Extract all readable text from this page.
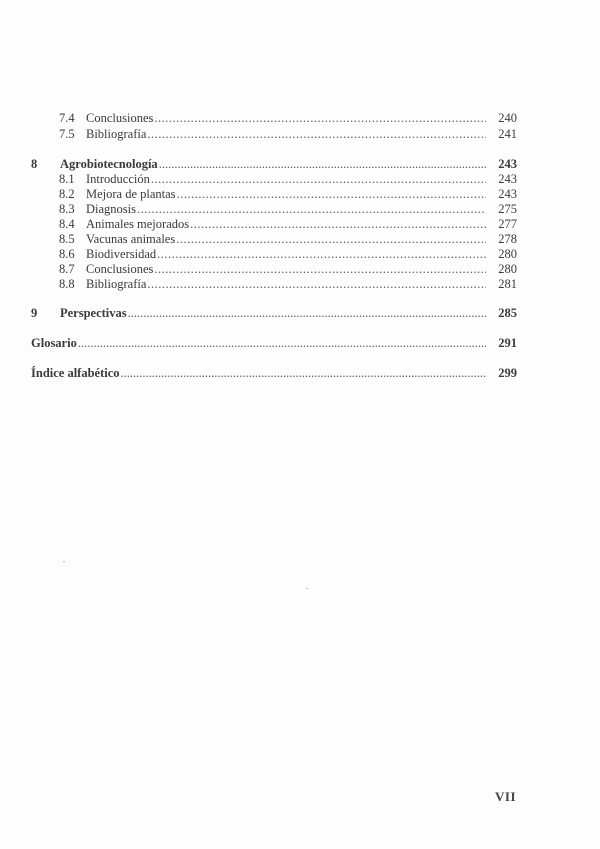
7.4 Conclusiones .....	240
7.5 Bibliografía .....	241
8	Agrobiotecnología .....	243
8.1 Introducción .....	243
8.2 Mejora de plantas .....	243
8.3 Diagnosis .....	275
8.4 Animales mejorados .....	277
8.5 Vacunas animales .....	278
8.6 Biodiversidad .....	280
8.7 Conclusiones .....	280
8.8 Bibliografía .....	281
9	Perspectivas .....	285
Glosario .....	291
Índice alfabético .....	299
VII
